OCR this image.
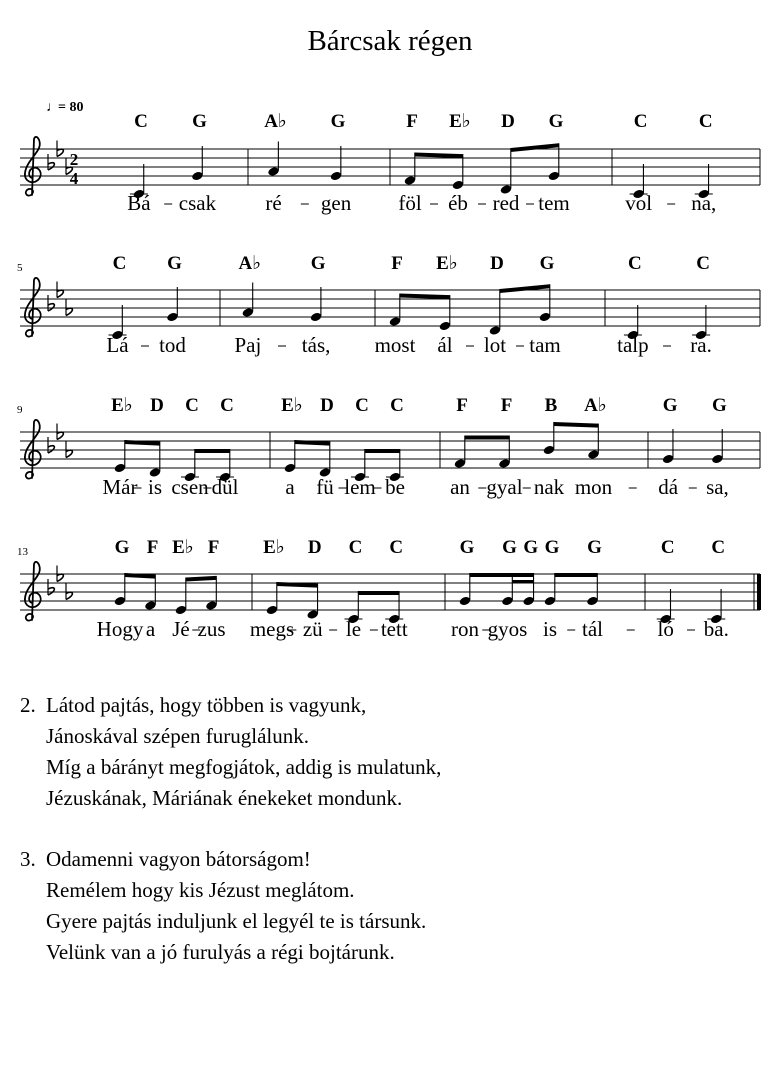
Bárcsak régen
♩
= 80
2
4
C G
Bá csak
A♭ G
ré gen
F E♭ D G
föl éb red tem
C	C
vol na,
5	C G
Lá tod
A♭	G
Paj tás,
F E♭ D G
most ál lot tam
C	C
talp ra.
9	E♭ D C C
Már is csen dül
E♭ D C C
a fü lem be
F F B A♭
an gyal nak mon
G G
dá sa,
13	G F E♭ F
Hogy a Jé zus
E♭ D C C
megs zü le tett
G G G G G
ron gyos is tál
C C
ló ba.
2. Látod pajtás, hogy többen is vagyunk,
Jánoskával szépen furuglálunk.
Míg a bárányt megfogjátok, addig is mulatunk,
Jézuskának, Máriának énekeket mondunk.
3. Odamenni vagyon bátorságom!
Remélem hogy kis Jézust meglátom.
Gyere pajtás induljunk el legyél te is társunk.
Velünk van a jó furulyás a régi bojtárunk.
